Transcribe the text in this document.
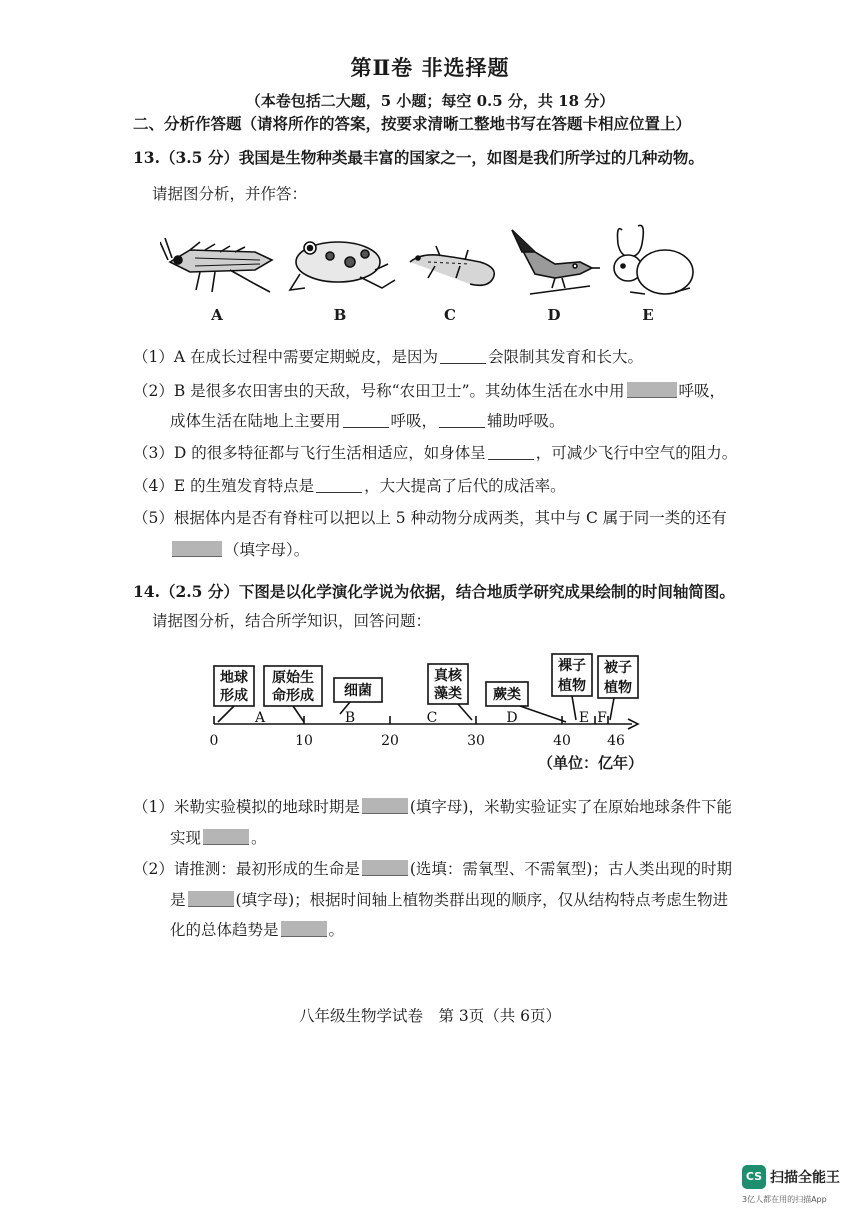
第Ⅱ卷 非选择题
（本卷包括二大题，5 小题；每空 0.5 分，共 18 分）
二、分析作答题（请将所作的答案，按要求清晰工整地书写在答题卡相应位置上）
13.（3.5 分）我国是生物种类最丰富的国家之一，如图是我们所学过的几种动物。
请据图分析，并作答：
A	B	C	D	E
（1）A 在成长过程中需要定期蜕皮，是因为	会限制其发育和长大。
（2）B 是很多农田害虫的天敌，号称“农田卫士”。其幼体生活在水中用	呼吸，
成体生活在陆地上主要用	呼吸，	辅助呼吸。
（3）D 的很多特征都与飞行生活相适应，如身体呈	，可减少飞行中空气的阻力。
（4）E 的生殖发育特点是	，大大提高了后代的成活率。
（5）根据体内是否有脊柱可以把以上 5 种动物分成两类，其中与 C 属于同一类的还有
（填字母）。
14.（2.5 分）下图是以化学演化学说为依据，结合地质学研究成果绘制的时间轴简图。
请据图分析，结合所学知识，回答问题：
地球
形成
原始生
命形成 细菌
真核
藻类 蕨类
裸子
植物
被子
植物
A	B	C	D	E F
0	10	20	30	40	46
（单位：亿年）
（1）米勒实验模拟的地球时期是	(填字母)，米勒实验证实了在原始地球条件下能
实现	。
（2）请推测：最初形成的生命是	(选填：需氧型、不需氧型)；古人类出现的时期
是	(填字母)；根据时间轴上植物类群出现的顺序，仅从结构特点考虑生物进
化的总体趋势是	。
八年级生物学试卷　第 3页（共 6页）
CS 扫描全能王
3亿人都在用的扫描App
